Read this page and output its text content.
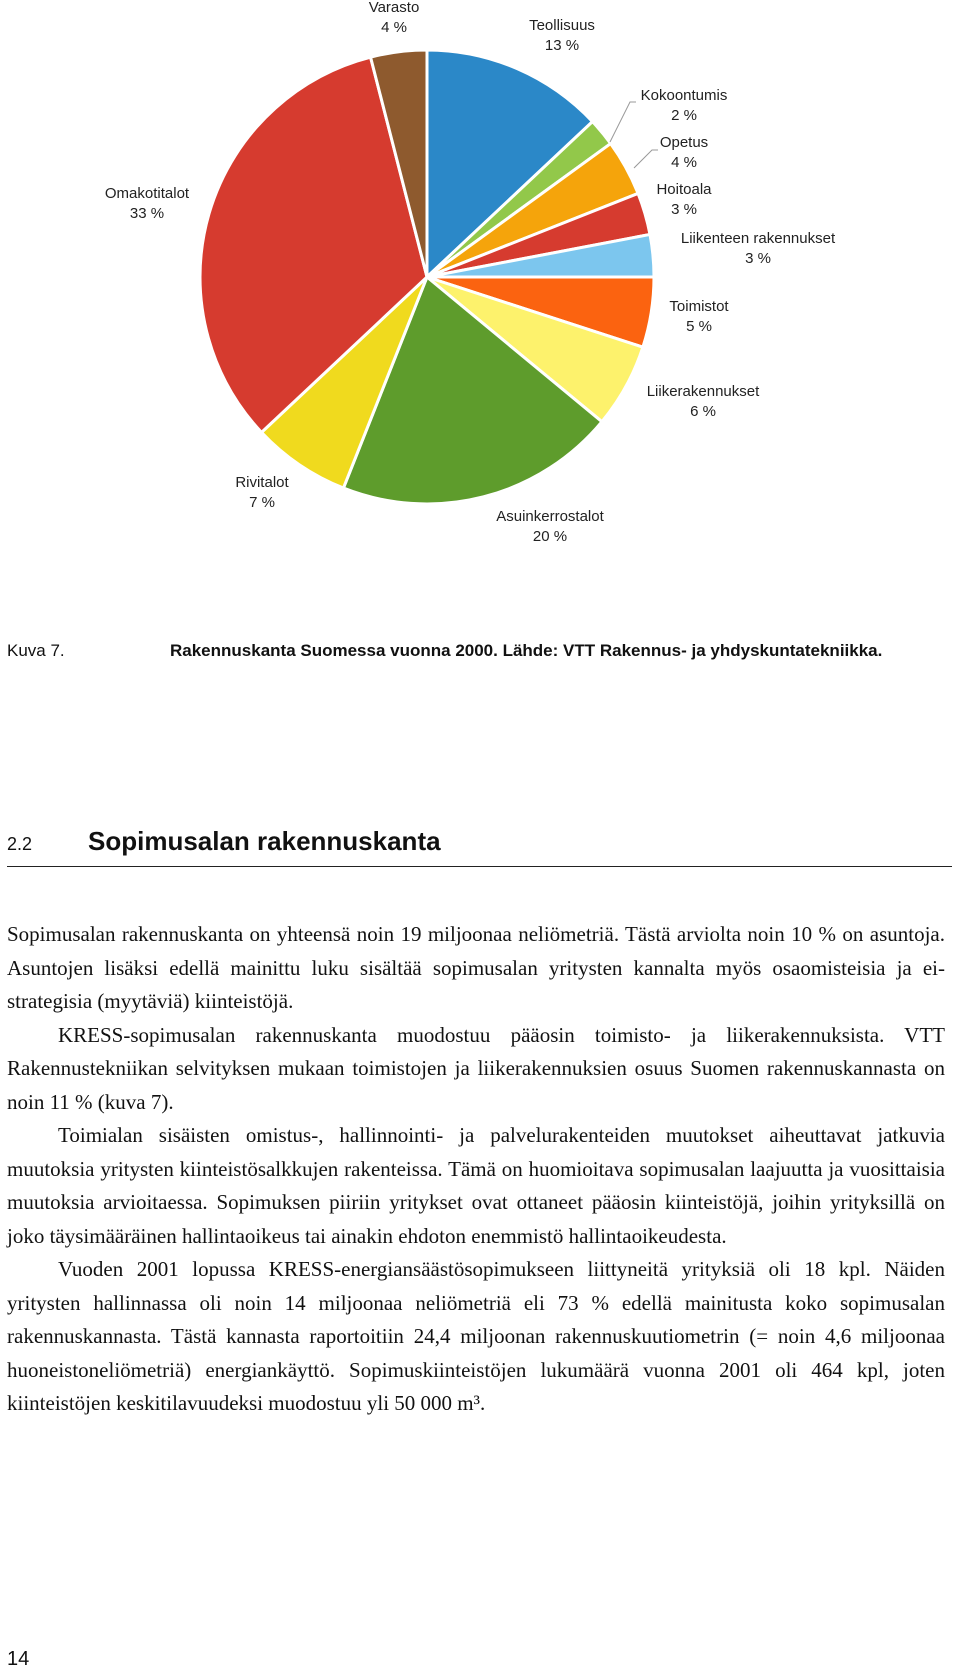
Teollisuus
13 %
Kokoontumis
2 %
Opetus
4 %
Hoitoala
3 %
Liikenteen rakennukset
3 %
Toimistot
5 %
Liikerakennukset
6 %
Asuinkerrostalot
20 %
Rivitalot
7 %
Omakotitalot
33 %
Varasto
4 %
Kuva 7.	Rakennuskanta Suomessa vuonna 2000. Lähde: VTT Rakennus- ja yhdyskuntatekniikka.
2.2 Sopimusalan rakennuskanta

Sopimusalan rakennuskanta on yhteensä noin 19 miljoonaa neliömetriä. Tästä arviolta noin 10 % on asuntoja. Asuntojen lisäksi edellä mainittu luku sisältää sopimusalan yritysten kannalta myös osaomisteisia ja ei-strategisia (myytäviä) kiinteistöjä.

KRESS-sopimusalan rakennuskanta muodostuu pääosin toimisto- ja liikerakennuksista. VTT Rakennustekniikan selvityksen mukaan toimistojen ja liikerakennuksien osuus Suomen rakennuskannasta on noin 11 % (kuva 7).

Toimialan sisäisten omistus-, hallinnointi- ja palvelurakenteiden muutokset aiheuttavat jatkuvia muutoksia yritysten kiinteistösalkkujen rakenteissa. Tämä on huomioitava sopimusalan laajuutta ja vuosittaisia muutoksia arvioitaessa. Sopimuksen piiriin yritykset ovat ottaneet pääosin kiinteistöjä, joihin yrityksillä on joko täysimääräinen hallintaoikeus tai ainakin ehdoton enemmistö hallintaoikeudesta.

Vuoden 2001 lopussa KRESS-energiansäästösopimukseen liittyneitä yrityksiä oli 18 kpl. Näiden yritysten hallinnassa oli noin 14 miljoonaa neliömetriä eli 73 % edellä mainitusta koko sopimusalan rakennuskannasta. Tästä kannasta raportoitiin 24,4 miljoonan rakennuskuutiometrin (= noin 4,6 miljoonaa huoneistoneliömetriä) energiankäyttö. Sopimuskiinteistöjen lukumäärä vuonna 2001 oli 464 kpl, joten kiinteistöjen keskitilavuudeksi muodostuu yli 50 000 m³.

14
